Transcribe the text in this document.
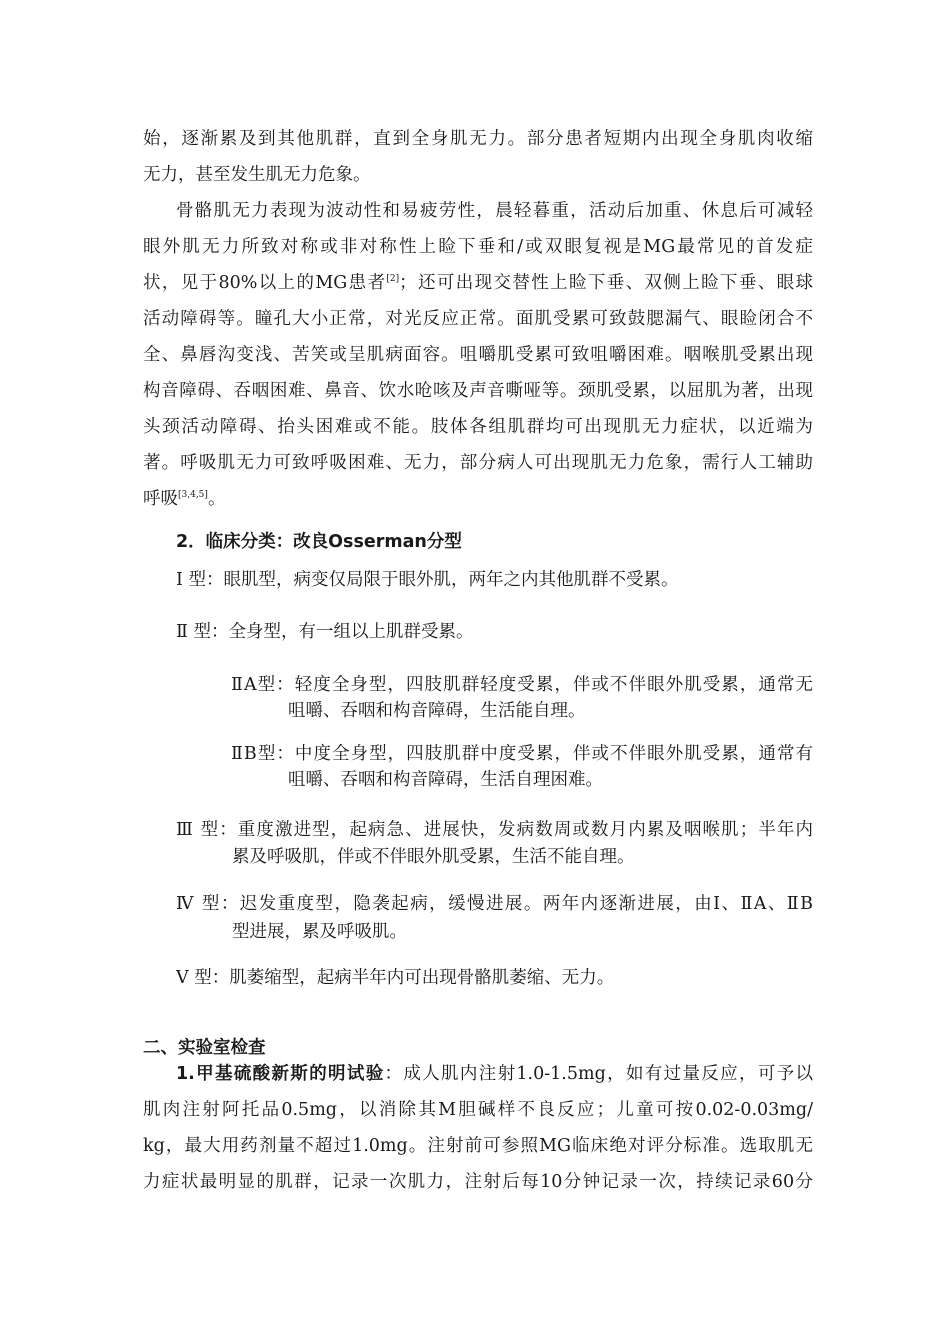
始，逐渐累及到其他肌群，直到全身肌无力。部分患者短期内出现全身肌肉收缩
无力，甚至发生肌无力危象。
骨骼肌无力表现为波动性和易疲劳性，晨轻暮重，活动后加重、休息后可减轻
眼外肌无力所致对称或非对称性上睑下垂和/或双眼复视是MG最常见的首发症
状，见于80%以上的MG患者[2]；还可出现交替性上睑下垂、双侧上睑下垂、眼球
活动障碍等。瞳孔大小正常，对光反应正常。面肌受累可致鼓腮漏气、眼睑闭合不
全、鼻唇沟变浅、苦笑或呈肌病面容。咀嚼肌受累可致咀嚼困难。咽喉肌受累出现
构音障碍、吞咽困难、鼻音、饮水呛咳及声音嘶哑等。颈肌受累，以屈肌为著，出现
头颈活动障碍、抬头困难或不能。肢体各组肌群均可出现肌无力症状，以近端为
著。呼吸肌无力可致呼吸困难、无力，部分病人可出现肌无力危象，需行人工辅助
呼吸[3,4,5]。
2．临床分类：改良Osserman分型
Ⅰ 型：眼肌型，病变仅局限于眼外肌，两年之内其他肌群不受累。
Ⅱ 型：全身型，有一组以上肌群受累。
ⅡA型：轻度全身型，四肢肌群轻度受累，伴或不伴眼外肌受累，通常无
咀嚼、吞咽和构音障碍，生活能自理。
ⅡB型：中度全身型，四肢肌群中度受累，伴或不伴眼外肌受累，通常有
咀嚼、吞咽和构音障碍，生活自理困难。
Ⅲ 型：重度激进型，起病急、进展快，发病数周或数月内累及咽喉肌；半年内
累及呼吸肌，伴或不伴眼外肌受累，生活不能自理。
Ⅳ 型：迟发重度型，隐袭起病，缓慢进展。两年内逐渐进展，由Ⅰ、ⅡA、ⅡB
型进展，累及呼吸肌。
Ⅴ 型：肌萎缩型，起病半年内可出现骨骼肌萎缩、无力。
二、实验室检查
1.甲基硫酸新斯的明试验：成人肌内注射1.0-1.5mg，如有过量反应，可予以
肌肉注射阿托品0.5mg，以消除其M胆碱样不良反应；儿童可按0.02-0.03mg/
kg，最大用药剂量不超过1.0mg。注射前可参照MG临床绝对评分标准。选取肌无
力症状最明显的肌群，记录一次肌力，注射后每10分钟记录一次，持续记录60分
